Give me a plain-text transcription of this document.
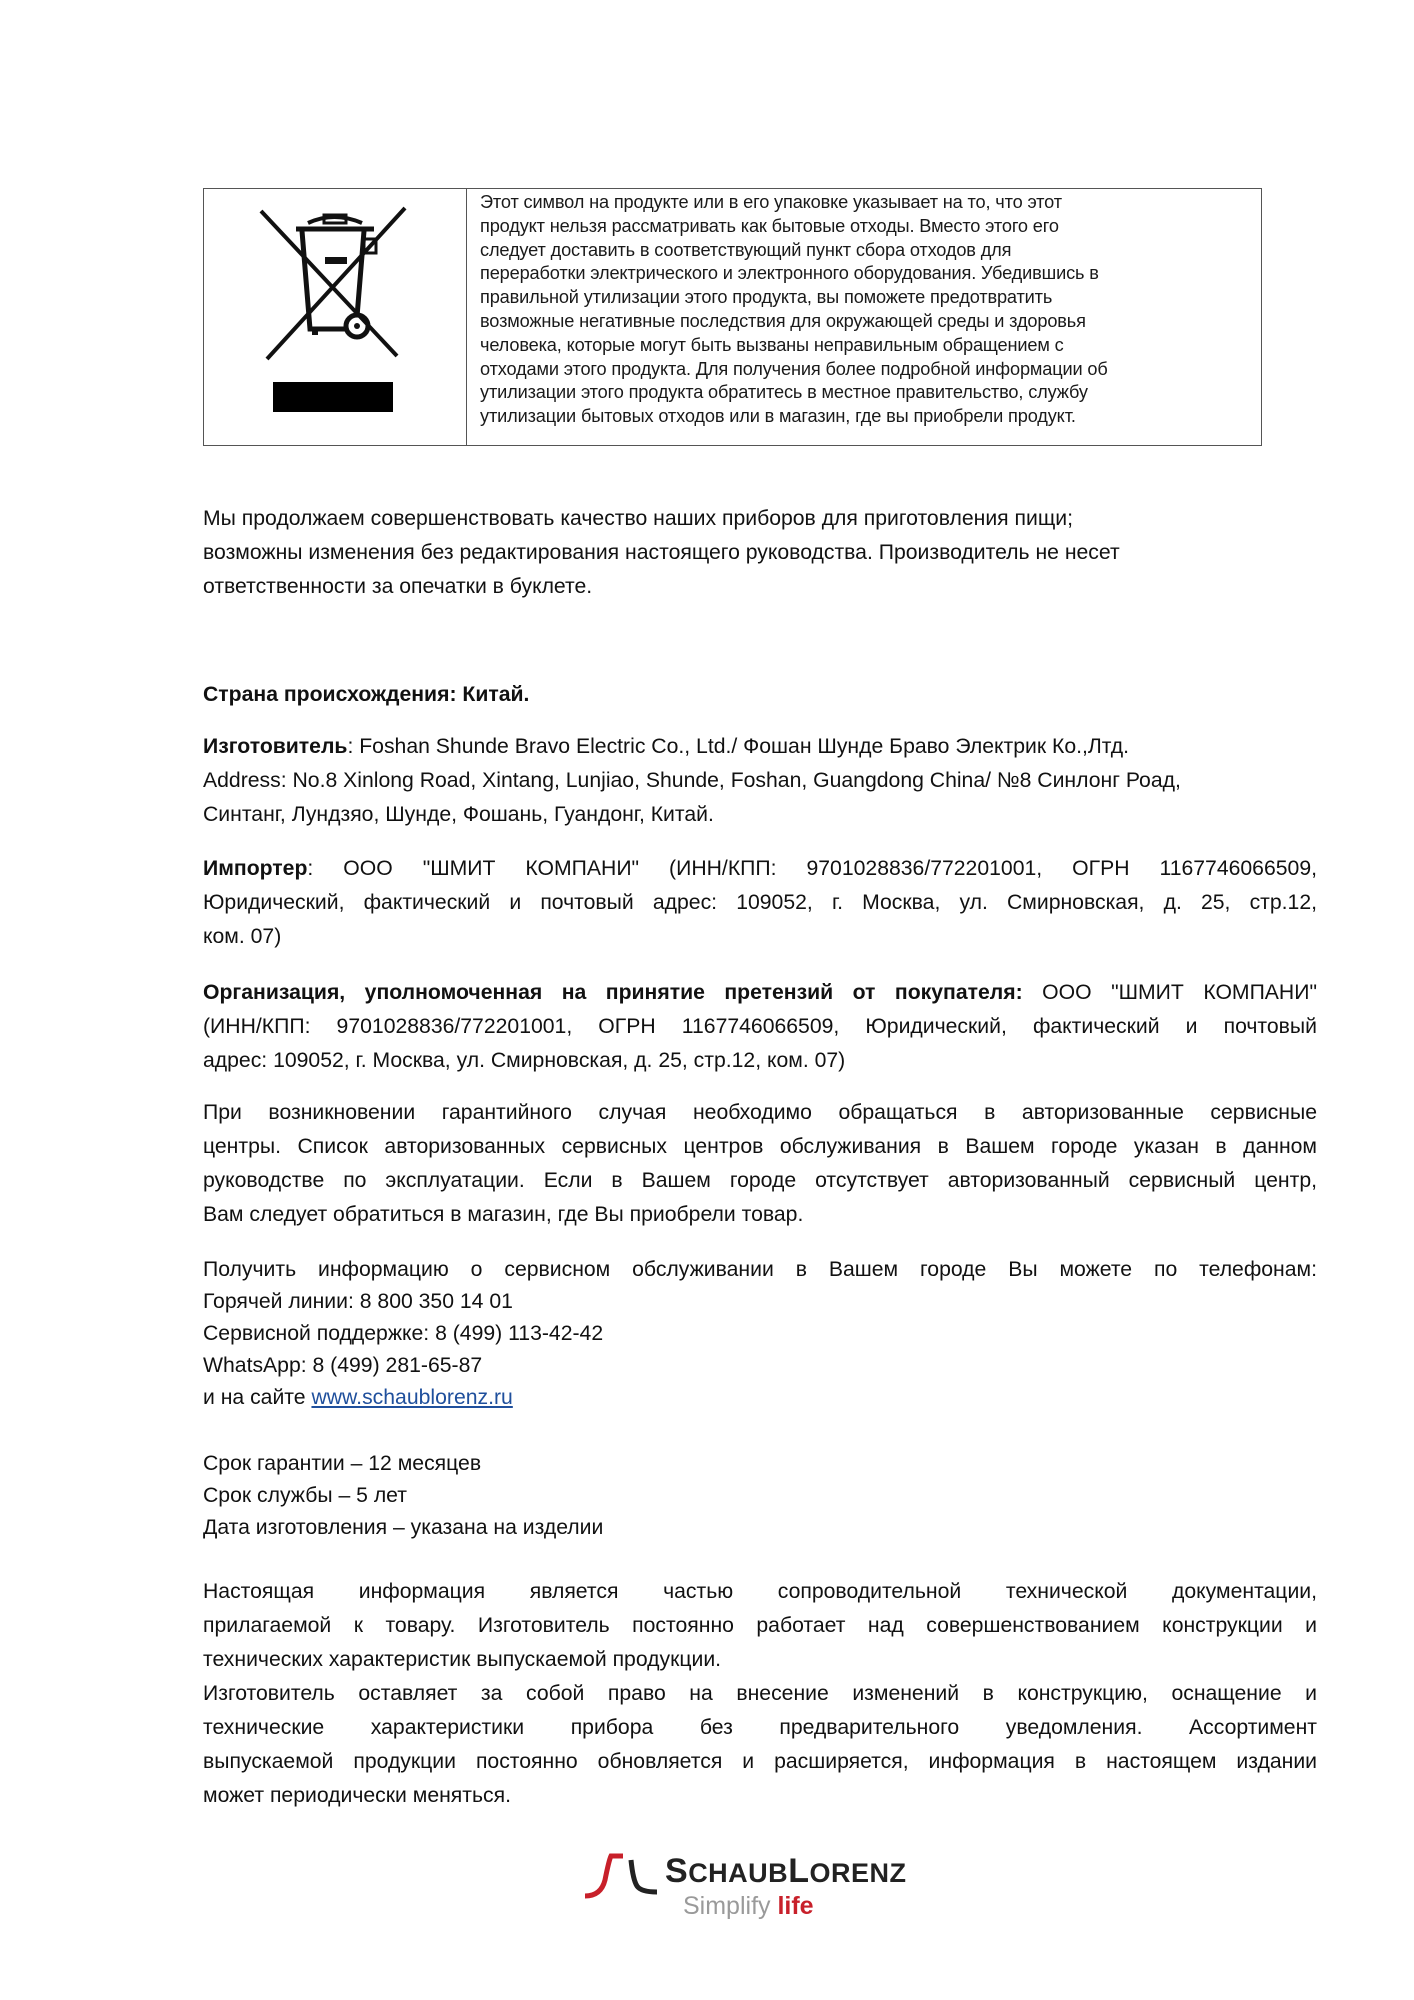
Этот символ на продукте или в его упаковке указывает на то, что этот
продукт нельзя рассматривать как бытовые отходы. Вместо этого его
следует доставить в соответствующий пункт сбора отходов для
переработки электрического и электронного оборудования. Убедившись в
правильной утилизации этого продукта, вы поможете предотвратить
возможные негативные последствия для окружающей среды и здоровья
человека, которые могут быть вызваны неправильным обращением с
отходами этого продукта. Для получения более подробной информации об
утилизации этого продукта обратитесь в местное правительство, службу
утилизации бытовых отходов или в магазин, где вы приобрели продукт.
Мы продолжаем совершенствовать качество наших приборов для приготовления пищи;
возможны изменения без редактирования настоящего руководства. Производитель не несет
ответственности за опечатки в буклете.
Страна происхождения: Китай.
Изготовитель: Foshan Shunde Bravo Electric Co., Ltd./ Фошан Шунде Браво Электрик Ко.,Лтд.
Address: No.8 Xinlong Road, Xintang, Lunjiao, Shunde, Foshan, Guangdong China/ №8 Синлонг Роад,
Синтанг, Лундзяо, Шунде, Фошань, Гуандонг, Китай.
Импортер: ООО "ШМИТ КОМПАНИ" (ИНН/КПП: 9701028836/772201001, ОГРН 1167746066509,
Юридический, фактический и почтовый адрес: 109052, г. Москва, ул. Смирновская, д. 25, стр.12,
ком. 07)
Организация, уполномоченная на принятие претензий от покупателя: ООО "ШМИТ КОМПАНИ"
(ИНН/КПП: 9701028836/772201001, ОГРН 1167746066509, Юридический, фактический и почтовый
адрес: 109052, г. Москва, ул. Смирновская, д. 25, стр.12, ком. 07)
При возникновении гарантийного случая необходимо обращаться в авторизованные сервисные
центры. Список авторизованных сервисных центров обслуживания в Вашем городе указан в данном
руководстве по эксплуатации. Если в Вашем городе отсутствует авторизованный сервисный центр,
Вам следует обратиться в магазин, где Вы приобрели товар.
Получить информацию о сервисном обслуживании в Вашем городе Вы можете по телефонам:
Горячей линии: 8 800 350 14 01
Сервисной поддержке: 8 (499) 113-42-42
WhatsApp: 8 (499) 281-65-87
и на сайте www.schaublorenz.ru
Срок гарантии – 12 месяцев
Срок службы – 5 лет
Дата изготовления – указана на изделии
Настоящая информация является частью сопроводительной технической документации,
прилагаемой к товару. Изготовитель постоянно работает над совершенствованием конструкции и
технических характеристик выпускаемой продукции.
Изготовитель оставляет за собой право на внесение изменений в конструкцию, оснащение и
технические характеристики прибора без предварительного уведомления. Ассортимент
выпускаемой продукции постоянно обновляется и расширяется, информация в настоящем издании
может периодически меняться.
SCHAUBLORENZ
Simplify life
